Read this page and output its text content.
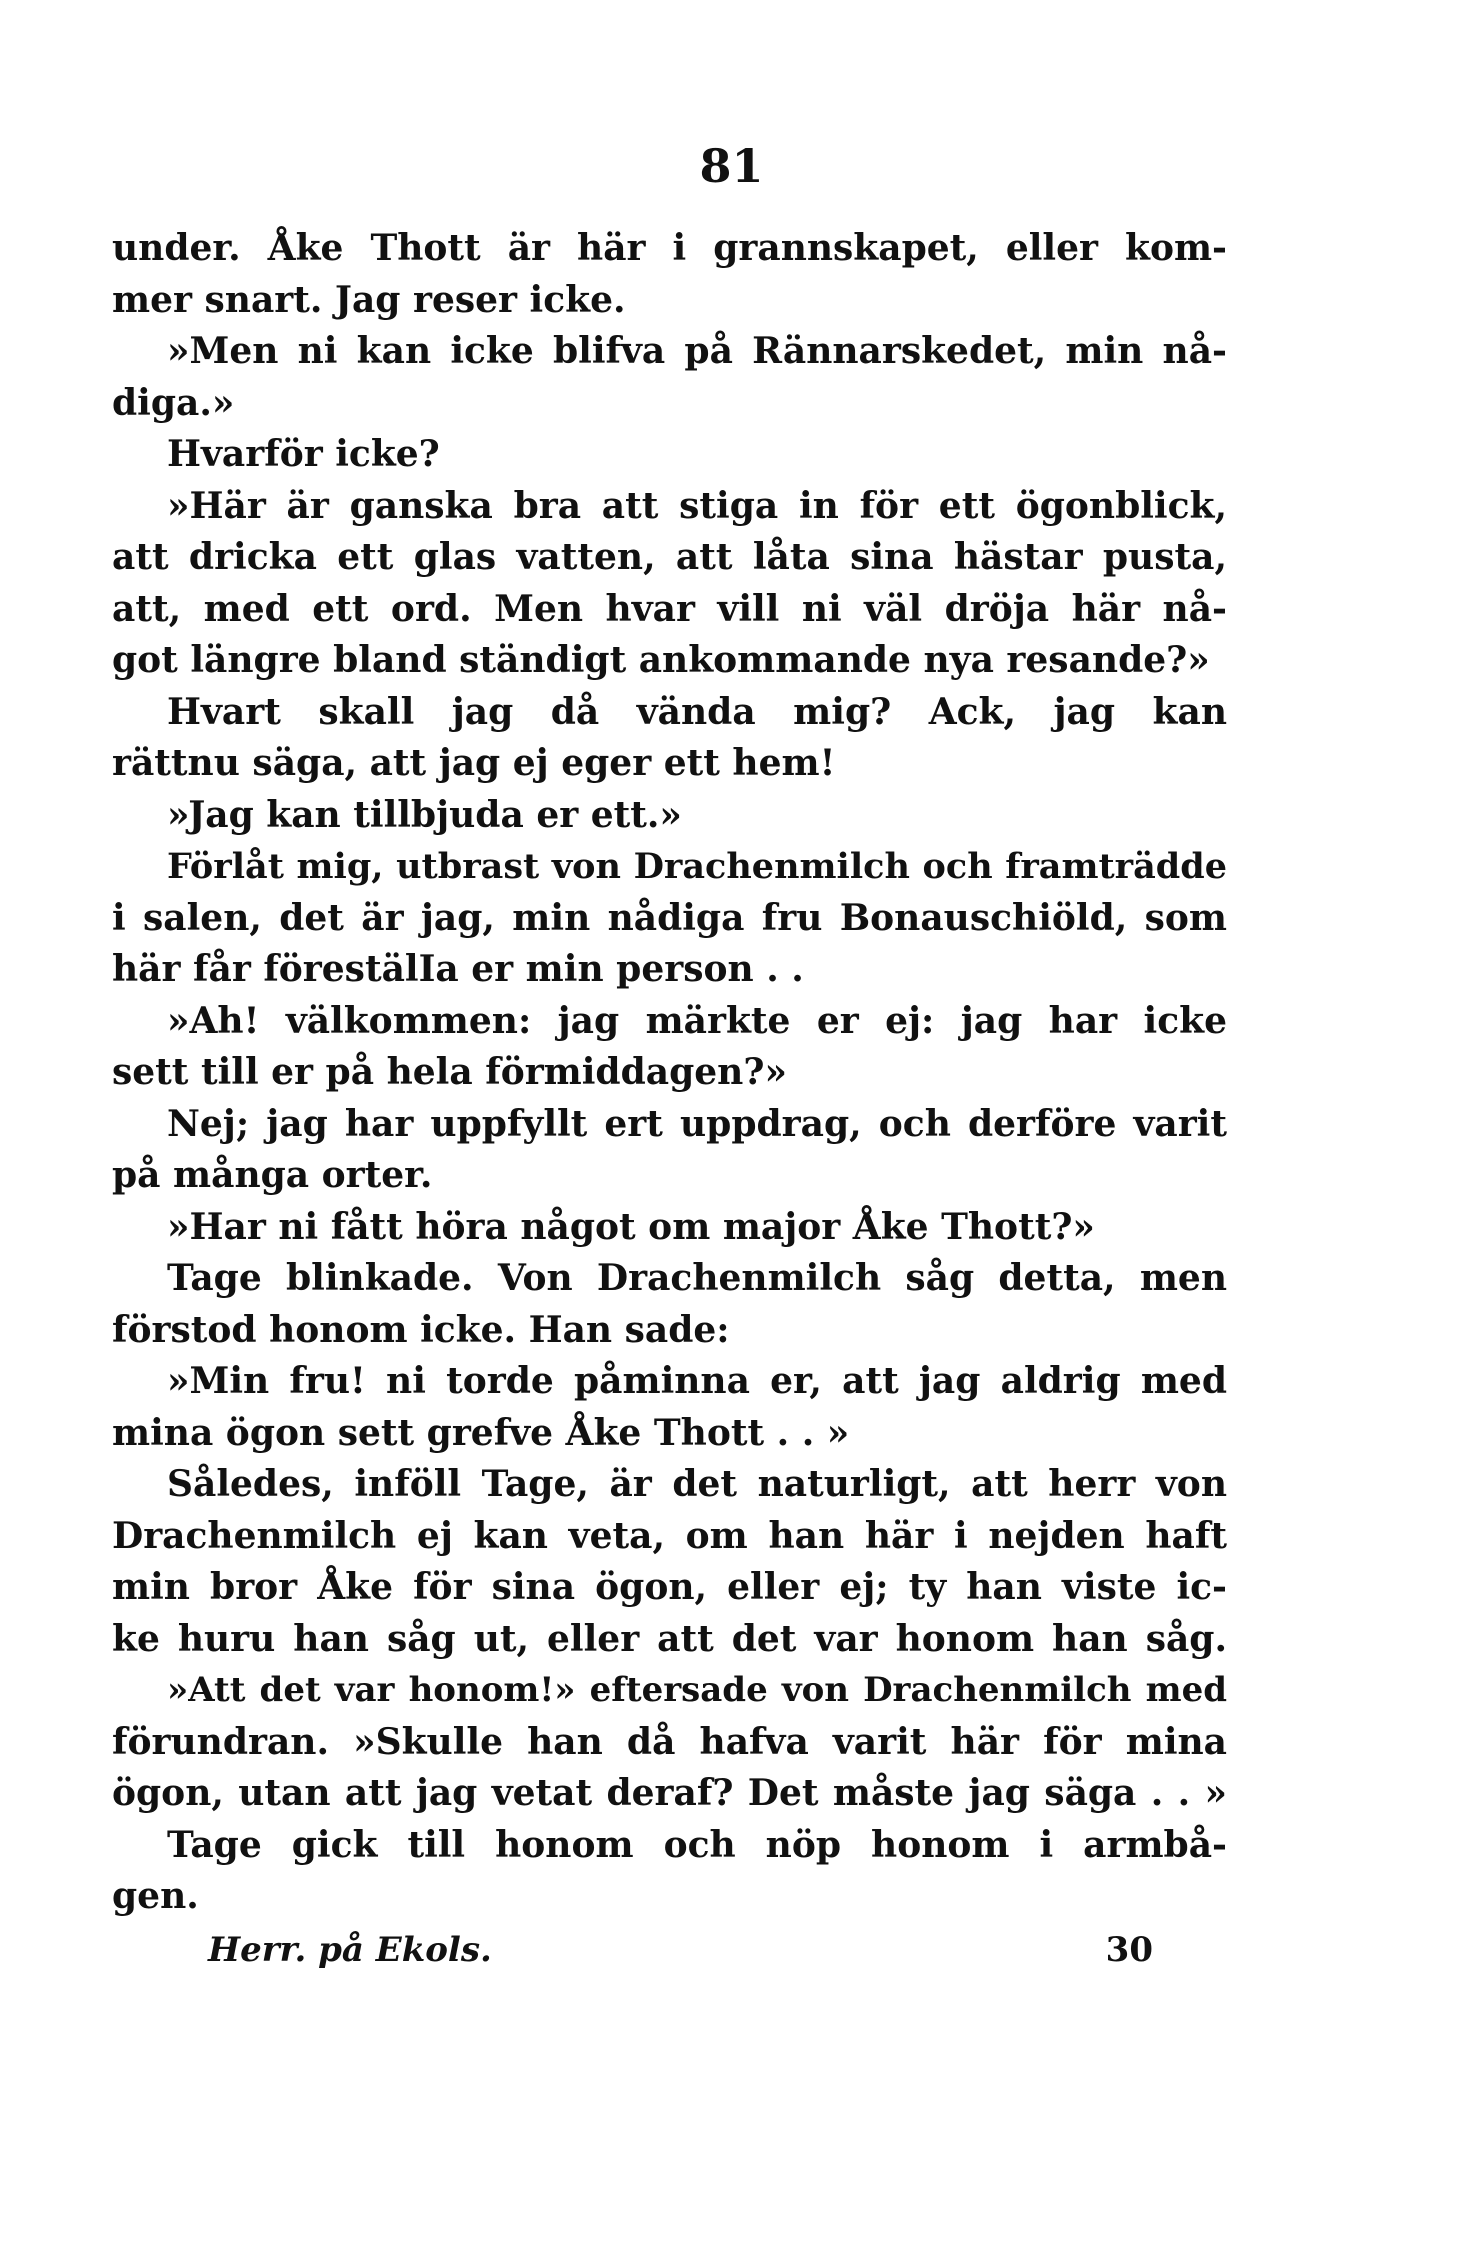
81
under. Åke Thott är här i grannskapet, eller kom-
mer snart. Jag reser icke.
»Men ni kan icke blifva på Rännarskedet, min nå-
diga.»
Hvarför icke?
»Här är ganska bra att stiga in för ett ögonblick,
att dricka ett glas vatten, att låta sina hästar pusta,
att, med ett ord. Men hvar vill ni väl dröja här nå-
got längre bland ständigt ankommande nya resande?»
Hvart skall jag då vända mig? Ack, jag kan
rättnu säga, att jag ej eger ett hem!
»Jag kan tillbjuda er ett.»
Förlåt mig, utbrast von Drachenmilch och framträdde
i salen, det är jag, min nådiga fru Bonauschiöld, som
här får förestälIa er min person . .
»Ah! välkommen: jag märkte er ej: jag har icke
sett till er på hela förmiddagen?»
Nej; jag har uppfyllt ert uppdrag, och derföre varit
på många orter.
»Har ni fått höra något om major Åke Thott?»
Tage blinkade. Von Drachenmilch såg detta, men
förstod honom icke. Han sade:
»Min fru! ni torde påminna er, att jag aldrig med
mina ögon sett grefve Åke Thott . . »
Således, inföll Tage, är det naturligt, att herr von
Drachenmilch ej kan veta, om han här i nejden haft
min bror Åke för sina ögon, eller ej; ty han viste ic-
ke huru han såg ut, eller att det var honom han såg.
»Att det var honom!» eftersade von Drachenmilch med
förundran. »Skulle han då hafva varit här för mina
ögon, utan att jag vetat deraf? Det måste jag säga . . »
Tage gick till honom och nöp honom i armbå-
gen.
Herr. på Ekols.	30
